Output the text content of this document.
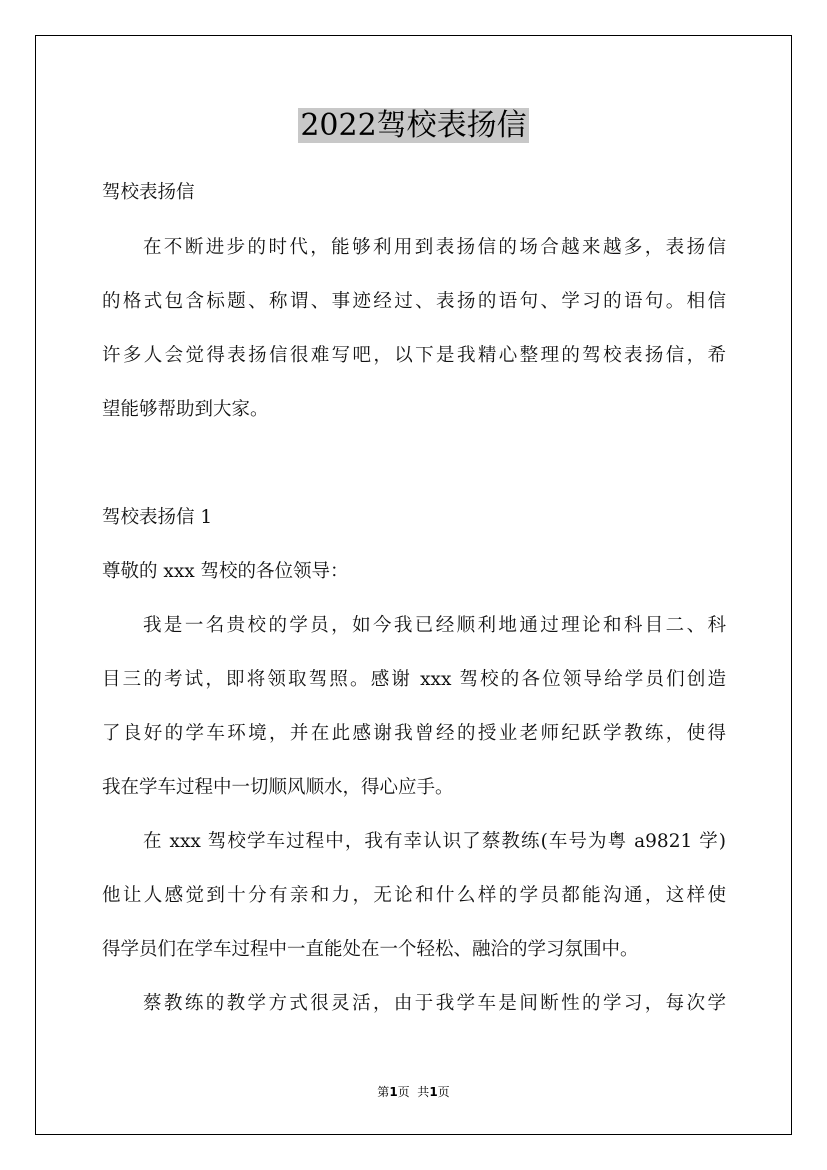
2022驾校表扬信
驾校表扬信
在不断进步的时代，能够利用到表扬信的场合越来越多，表扬信
的格式包含标题、称谓、事迹经过、表扬的语句、学习的语句。相信
许多人会觉得表扬信很难写吧，以下是我精心整理的驾校表扬信，希
望能够帮助到大家。
驾校表扬信 1
尊敬的 xxx 驾校的各位领导：
我是一名贵校的学员，如今我已经顺利地通过理论和科目二、科
目三的考试，即将领取驾照。感谢 xxx 驾校的各位领导给学员们创造
了良好的学车环境，并在此感谢我曾经的授业老师纪跃学教练，使得
我在学车过程中一切顺风顺水，得心应手。
在 xxx 驾校学车过程中，我有幸认识了蔡教练(车号为粤 a9821 学)
他让人感觉到十分有亲和力，无论和什么样的学员都能沟通，这样使
得学员们在学车过程中一直能处在一个轻松、融洽的学习氛围中。
蔡教练的教学方式很灵活，由于我学车是间断性的学习，每次学
第1页  共1页
